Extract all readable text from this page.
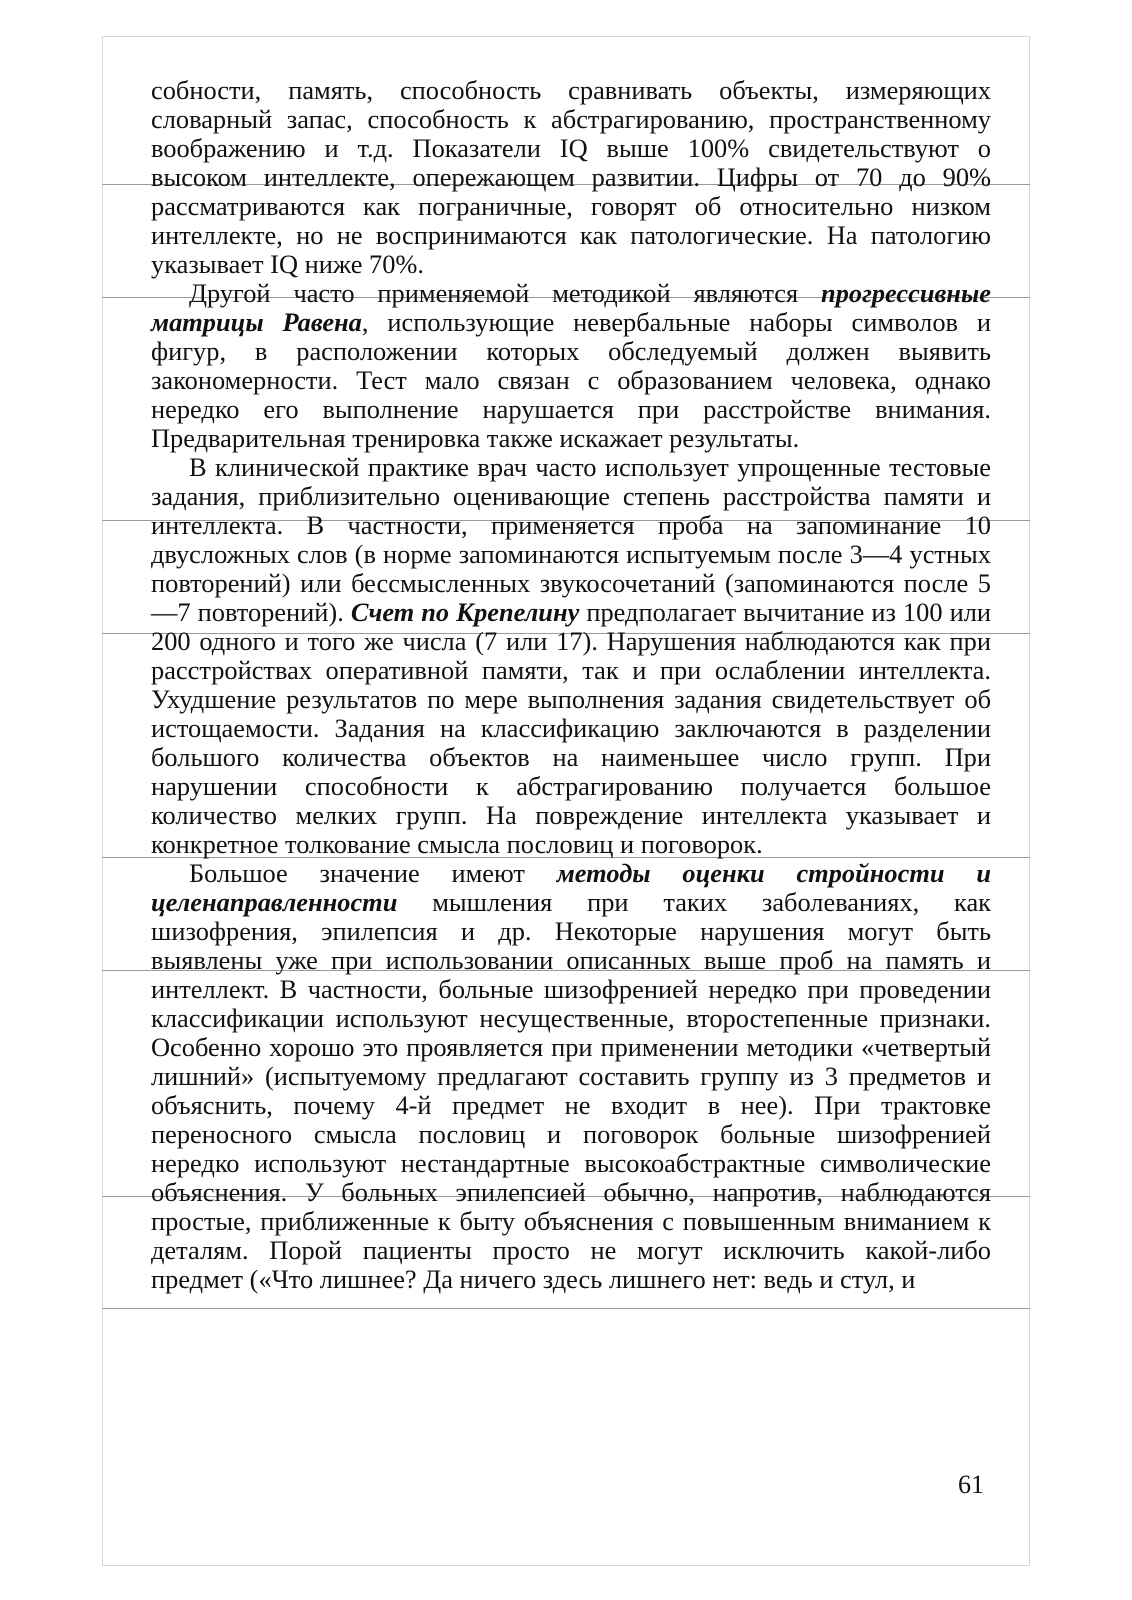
собности, память, способность сравнивать объекты, измеряющих словарный запас, способность к абстрагированию, пространственному воображению и т.д. Показатели IQ выше 100% свидетельствуют о высоком интеллекте, опережающем развитии. Цифры от 70 до 90% рассматриваются как пограничные, говорят об относительно низком интеллекте, но не воспринимаются как патологические. На патологию указывает IQ ниже 70%.

Другой часто применяемой методикой являются прогрессивные матрицы Равена, использующие невербальные наборы символов и фигур, в расположении которых обследуемый должен выявить закономерности. Тест мало связан с образованием человека, однако нередко его выполнение нарушается при расстройстве внимания. Предварительная тренировка также искажает результаты.

В клинической практике врач часто использует упрощенные тестовые задания, приблизительно оценивающие степень расстройства памяти и интеллекта. В частности, применяется проба на запоминание 10 двусложных слов (в норме запоминаются испытуемым после 3—4 устных повторений) или бессмысленных звукосочетаний (запоминаются после 5—7 повторений). Счет по Крепелину предполагает вычитание из 100 или 200 одного и того же числа (7 или 17). Нарушения наблюдаются как при расстройствах оперативной памяти, так и при ослаблении интеллекта. Ухудшение результатов по мере выполнения задания свидетельствует об истощаемости. Задания на классификацию заключаются в разделении большого количества объектов на наименьшее число групп. При нарушении способности к абстрагированию получается большое количество мелких групп. На повреждение интеллекта указывает и конкретное толкование смысла пословиц и поговорок.

Большое значение имеют методы оценки стройности и целенаправленности мышления при таких заболеваниях, как шизофрения, эпилепсия и др. Некоторые нарушения могут быть выявлены уже при использовании описанных выше проб на память и интеллект. В частности, больные шизофренией нередко при проведении классификации используют несущественные, второстепенные признаки. Особенно хорошо это проявляется при применении методики «четвертый лишний» (испытуемому предлагают составить группу из 3 предметов и объяснить, почему 4-й предмет не входит в нее). При трактовке переносного смысла пословиц и поговорок больные шизофренией нередко используют нестандартные высокоабстрактные символические объяснения. У больных эпилепсией обычно, напротив, наблюдаются простые, приближенные к быту объяснения с повышенным вниманием к деталям. Порой пациенты просто не могут исключить какой-либо предмет («Что лишнее? Да ничего здесь лишнего нет: ведь и стул, и

61
